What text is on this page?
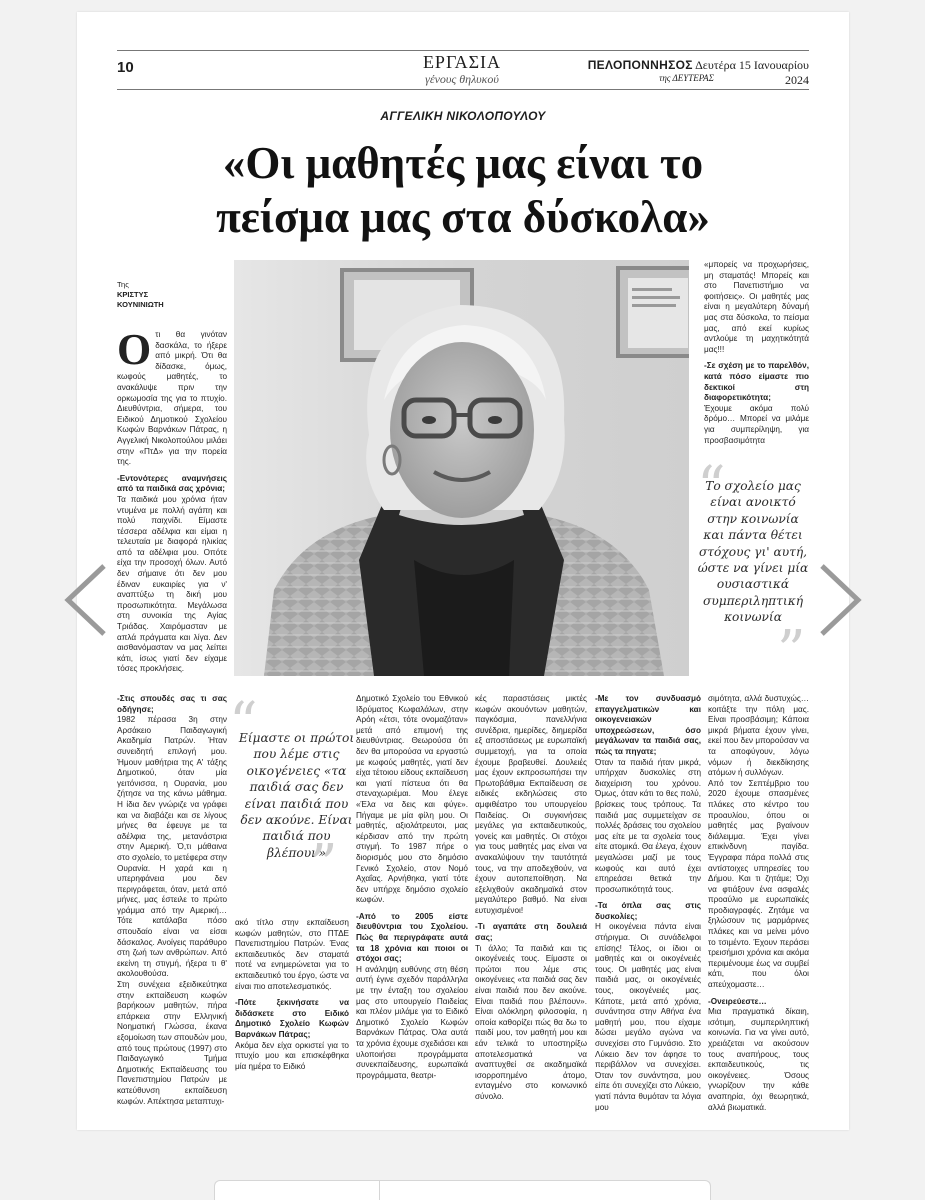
10	ΕΡΓΑΣΙΑ
γένους θηλυκού
ΠΕΛΟΠΟΝΝΗΣΟΣ Δευτέρα 15 Ιανουαρίου 2024
της ΔΕΥΤΕΡΑΣ
ΑΓΓΕΛΙΚΗ ΝΙΚΟΛΟΠΟΥΛΟΥ
«Οι μαθητές μας είναι το
πείσμα μας στα δύσκολα»
Της
ΚΡΙΣΤΥΣ ΚΟΥΝΙΝΙΩΤΗ

Οτι θα γινόταν δασκάλα, το ήξερε από μικρή. Ότι θα δίδασκε, όμως, κωφούς μαθητές, το ανακάλυψε πριν την ορκωμοσία της για το πτυχίο. Διευθύντρια, σήμερα, του Ειδικού Δημοτικού Σχολείου Κωφών Βαρνάκων Πάτρας, η Αγγελική Νικολοπούλου μιλάει στην «ΠτΔ» για την πορεία της.

-Εντονότερες αναμνήσεις από τα παιδικά σας χρόνια;

Τα παιδικά μου χρόνια ήταν ντυμένα με πολλή αγάπη και πολύ παιχνίδι. Είμαστε τέσσερα αδέλφια και είμαι η τελευταία με διαφορά ηλικίας από τα αδέλφια μου. Οπότε είχα την προσοχή όλων. Αυτό δεν σήμαινε ότι δεν μου έδιναν ευκαιρίες για ν' αναπτύξω τη δική μου προσωπικότητα. Μεγάλωσα στη συνοικία της Αγίας Τριάδας. Χαιρόμασταν με απλά πράγματα και λίγα. Δεν αισθανόμασταν να μας λείπει κάτι, ίσως γιατί δεν είχαμε τόσες προκλήσεις.

«μπορείς να προχωρήσεις, μη σταματάς! Μπορείς και στο Πανεπιστήμιο να φοιτήσεις». Οι μαθητές μας είναι η μεγαλύτερη δύναμή μας στα δύσκολα, το πείσμα μας, από εκεί κυρίως αντλούμε τη μαχητικότητά μας!!!

-Σε σχέση με το παρελθόν, κατά πόσο είμαστε πιο δεκτικοί στη διαφορετικότητα;

Έχουμε ακόμα πολύ δρόμο… Μπορεί να μιλάμε για συμπερίληψη, για προσβασιμότητα

“
Το σχολείο μας είναι ανοικτό στην κοινωνία και πάντα θέτει στόχους γι' αυτή, ώστε να γίνει μία ουσιαστικά συμπεριληπτική κοινωνία
”

-Στις σπουδές σας τι σας οδήγησε;

1982 πέρασα 3η στην Αρσάκειο Παιδαγωγική Ακαδημία Πατρών. Ήταν συνειδητή επιλογή μου. Ήμουν μαθήτρια της Α' τάξης Δημοτικού, όταν μία γειτόνισσα, η Ουρανία, μου ζήτησε να της κάνω μάθημα. Η ίδια δεν γνώριζε να γράφει και να διαβάζει και σε λίγους μήνες θα έφευγε με τα αδέλφια της, μετανάστρια στην Αμερική. Ό,τι μάθαινα στο σχολείο, το μετέφερα στην Ουρανία. Η χαρά και η υπερηφάνεια μου δεν περιγράφεται, όταν, μετά από μήνες, μας έστειλε το πρώτο γράμμα από την Αμερική… Τότε κατάλαβα πόσο σπουδαίο είναι να είσαι δάσκαλος. Ανοίγεις παράθυρο στη ζωή των ανθρώπων. Από εκείνη τη στιγμή, ήξερα τι θ' ακολουθούσα.

Στη συνέχεια εξειδικεύτηκα στην εκπαίδευση κωφών βαρήκοων μαθητών, πήρα επάρκεια στην Ελληνική Νοηματική Γλώσσα, έκανα εξομοίωση των σπουδών μου, από τους πρώτους (1997) στο Παιδαγωγικό Τμήμα Δημοτικής Εκπαίδευσης του Πανεπιστημίου Πατρών με κατεύθυνση εκπαίδευση κωφών. Απέκτησα μεταπτυχι-

“
Είμαστε οι πρώτοι που λέμε στις οικογένειες «τα παιδιά σας δεν είναι παιδιά που δεν ακούνε. Είναι παιδιά που βλέπουν»
”

ακό τίτλο στην εκπαίδευση κωφών μαθητών, στο ΠΤΔΕ Πανεπιστημίου Πατρών. Ένας εκπαιδευτικός δεν σταματά ποτέ να ενημερώνεται για το εκπαιδευτικό του έργο, ώστε να είναι πιο αποτελεσματικός.

-Πότε ξεκινήσατε να διδάσκετε στο Ειδικό Δημοτικό Σχολείο Κωφών Βαρνάκων Πάτρας;

Ακόμα δεν είχα ορκιστεί για το πτυχίο μου και επισκέφθηκα μία ημέρα το Ειδικό

Δημοτικό Σχολείο του Εθνικού Ιδρύματος Κωφαλάλων, στην Αρόη «έτσι, τότε ονομαζόταν» μετά από επιμονή της διευθύντριας. Θεωρούσα ότι δεν θα μπορούσα να εργαστώ με κωφούς μαθητές, γιατί δεν είχα τέτοιου είδους εκπαίδευση και γιατί πίστευα ότι θα στεναχωριέμαι. Μου έλεγε «Έλα να δεις και φύγε». Πήγαμε με μία φίλη μου. Οι μαθητές, αξιολάτρευτοι, μας κέρδισαν από την πρώτη στιγμή. Το 1987 πήρε ο διορισμός μου στο δημόσιο Γενικό Σχολείο, στον Νομό Αχαΐας. Αρνήθηκα, γιατί τότε δεν υπήρχε δημόσιο σχολείο κωφών.

-Από το 2005 είστε διευθύντρια του Σχολείου. Πώς θα περιγράφατε αυτά τα 18 χρόνια και ποιοι οι στόχοι σας;

Η ανάληψη ευθύνης στη θέση αυτή έγινε σχεδόν παράλληλα με την ένταξη του σχολείου μας στο υπουργείο Παιδείας και πλέον μιλάμε για το Ειδικό Δημοτικό Σχολείο Κωφών Βαρνάκων Πάτρας. Όλα αυτά τα χρόνια έχουμε σχεδιάσει και υλοποιήσει προγράμματα συνεκπαίδευσης, ευρωπαϊκά προγράμματα, θεατρι-

κές παραστάσεις μικτές κωφών ακουόντων μαθητών, παγκόσμια, πανελλήνια συνέδρια, ημερίδες, διημερίδα εξ αποστάσεως με ευρωπαϊκή συμμετοχή, για τα οποία έχουμε βραβευθεί. Δουλειές μας έχουν εκπροσωπήσει την Πρωτοβάθμια Εκπαίδευση σε ειδικές εκδηλώσεις στο αμφιθέατρο του υπουργείου Παιδείας. Οι συγκινήσεις μεγάλες για εκπαιδευτικούς, γονείς και μαθητές. Οι στόχοι για τους μαθητές μας είναι να ανακαλύψουν την ταυτότητά τους, να την αποδεχθούν, να έχουν αυτοπεποίθηση. Να εξελιχθούν ακαδημαϊκά στον μεγαλύτερο βαθμό. Να είναι ευτυχισμένοι!

-Τι αγαπάτε στη δουλειά σας;

Τι άλλο; Τα παιδιά και τις οικογένειές τους. Είμαστε οι πρώτοι που λέμε στις οικογένειες «τα παιδιά σας δεν είναι παιδιά που δεν ακούνε. Είναι παιδιά που βλέπουν». Είναι ολόκληρη φιλοσοφία, η οποία καθορίζει πώς θα δω το παιδί μου, τον μαθητή μου και εάν τελικά το υποστηρίξω αποτελεσματικά να αναπτυχθεί σε ακαδημαϊκά ισορροπημένο άτομο, ενταγμένο στο κοινωνικό σύνολο.

-Με τον συνδυασμό επαγγελματικών και οικογενειακών υποχρεώσεων, όσο μεγάλωναν τα παιδιά σας, πώς τα πηγατε;

Όταν τα παιδιά ήταν μικρά, υπήρχαν δυσκολίες στη διαχείριση του χρόνου. Όμως, όταν κάτι το θες πολύ, βρίσκεις τους τρόπους. Τα παιδιά μας συμμετείχαν σε πολλές δράσεις του σχολείου μας είτε με τα σχολεία τους είτε ατομικά. Θα έλεγα, έχουν μεγαλώσει μαζί με τους κωφούς και αυτό έχει επηρεάσει θετικά την προσωπικότητά τους.

-Τα όπλα σας στις δυσκολίες;

Η οικογένεια πάντα είναι στήριγμα. Οι συνάδελφοι επίσης! Τέλος, οι ίδιοι οι μαθητές και οι οικογένειές τους. Οι μαθητές μας είναι παιδιά μας, οι οικογένειές τους, οικογένειές μας. Κάποτε, μετά από χρόνια, συνάντησα στην Αθήνα ένα μαθητή μου, που είχαμε δώσει μεγάλο αγώνα να συνεχίσει στο Γυμνάσιο. Στο Λύκειο δεν τον άφησε το περιβάλλον να συνεχίσει. Όταν τον συνάντησα, μου είπε ότι συνεχίζει στο Λύκειο, γιατί πάντα θυμόταν τα λόγια μου

σιμότητα, αλλά δυστυχώς… κοιτάξτε την πόλη μας. Είναι προσβάσιμη; Κάποια μικρά βήματα έχουν γίνει, εκεί που δεν μπορούσαν να τα αποφύγουν, λόγω νόμων ή διεκδίκησης ατόμων ή συλλόγων.

Από τον Σεπτέμβριο του 2020 έχουμε σπασμένες πλάκες στο κέντρο του προαυλίου, όπου οι μαθητές μας βγαίνουν διάλειμμα. Έχει γίνει επικίνδυνη παγίδα. Έγγραφα πάρα πολλά στις αντίστοιχες υπηρεσίες του Δήμου. Και τι ζητάμε; Όχι να φτιάξουν ένα ασφαλές προαύλιο με ευρωπαϊκές προδιαγραφές. Ζητάμε να ξηλώσουν τις μαρμάρινες πλάκες και να μείνει μόνο το τσιμέντο. Έχουν περάσει τρεισήμισι χρόνια και ακόμα περιμένουμε έως να συμβεί κάτι, που όλοι απεύχομαστε…

-Ονειρεύεστε…

Μια πραγματικά δίκαιη, ισότιμη, συμπεριληπτική κοινωνία. Για να γίνει αυτό, χρειάζεται να ακούσουν τους αναπήρους, τους εκπαιδευτικούς, τις οικογένειες. Όσους γνωρίζουν την κάθε αναπηρία, όχι θεωρητικά, αλλά βιωματικά.
